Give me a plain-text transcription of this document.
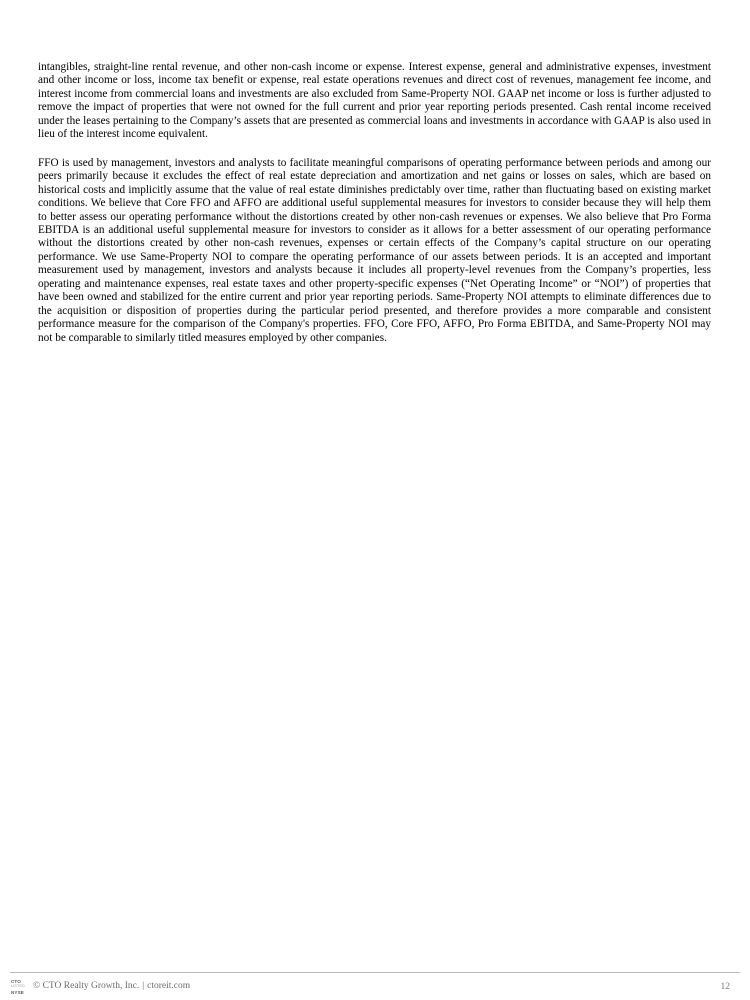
intangibles, straight-line rental revenue, and other non-cash income or expense. Interest expense, general and administrative expenses, investment and other income or loss, income tax benefit or expense, real estate operations revenues and direct cost of revenues, management fee income, and interest income from commercial loans and investments are also excluded from Same-Property NOI. GAAP net income or loss is further adjusted to remove the impact of properties that were not owned for the full current and prior year reporting periods presented. Cash rental income received under the leases pertaining to the Company’s assets that are presented as commercial loans and investments in accordance with GAAP is also used in lieu of the interest income equivalent.

FFO is used by management, investors and analysts to facilitate meaningful comparisons of operating performance between periods and among our peers primarily because it excludes the effect of real estate depreciation and amortization and net gains or losses on sales, which are based on historical costs and implicitly assume that the value of real estate diminishes predictably over time, rather than fluctuating based on existing market conditions. We believe that Core FFO and AFFO are additional useful supplemental measures for investors to consider because they will help them to better assess our operating performance without the distortions created by other non-cash revenues or expenses. We also believe that Pro Forma EBITDA is an additional useful supplemental measure for investors to consider as it allows for a better assessment of our operating performance without the distortions created by other non-cash revenues, expenses or certain effects of the Company’s capital structure on our operating performance. We use Same-Property NOI to compare the operating performance of our assets between periods. It is an accepted and important measurement used by management, investors and analysts because it includes all property-level revenues from the Company’s properties, less operating and maintenance expenses, real estate taxes and other property-specific expenses (“Net Operating Income” or “NOI”) of properties that have been owned and stabilized for the entire current and prior year reporting periods. Same-Property NOI attempts to eliminate differences due to the acquisition or disposition of properties during the particular period presented, and therefore provides a more comparable and consistent performance measure for the comparison of the Company's properties. FFO, Core FFO, AFFO, Pro Forma EBITDA, and Same-Property NOI may not be comparable to similarly titled measures employed by other companies.

CTO
LISTED
NYSE
© CTO Realty Growth, Inc. | ctoreit.com	12
